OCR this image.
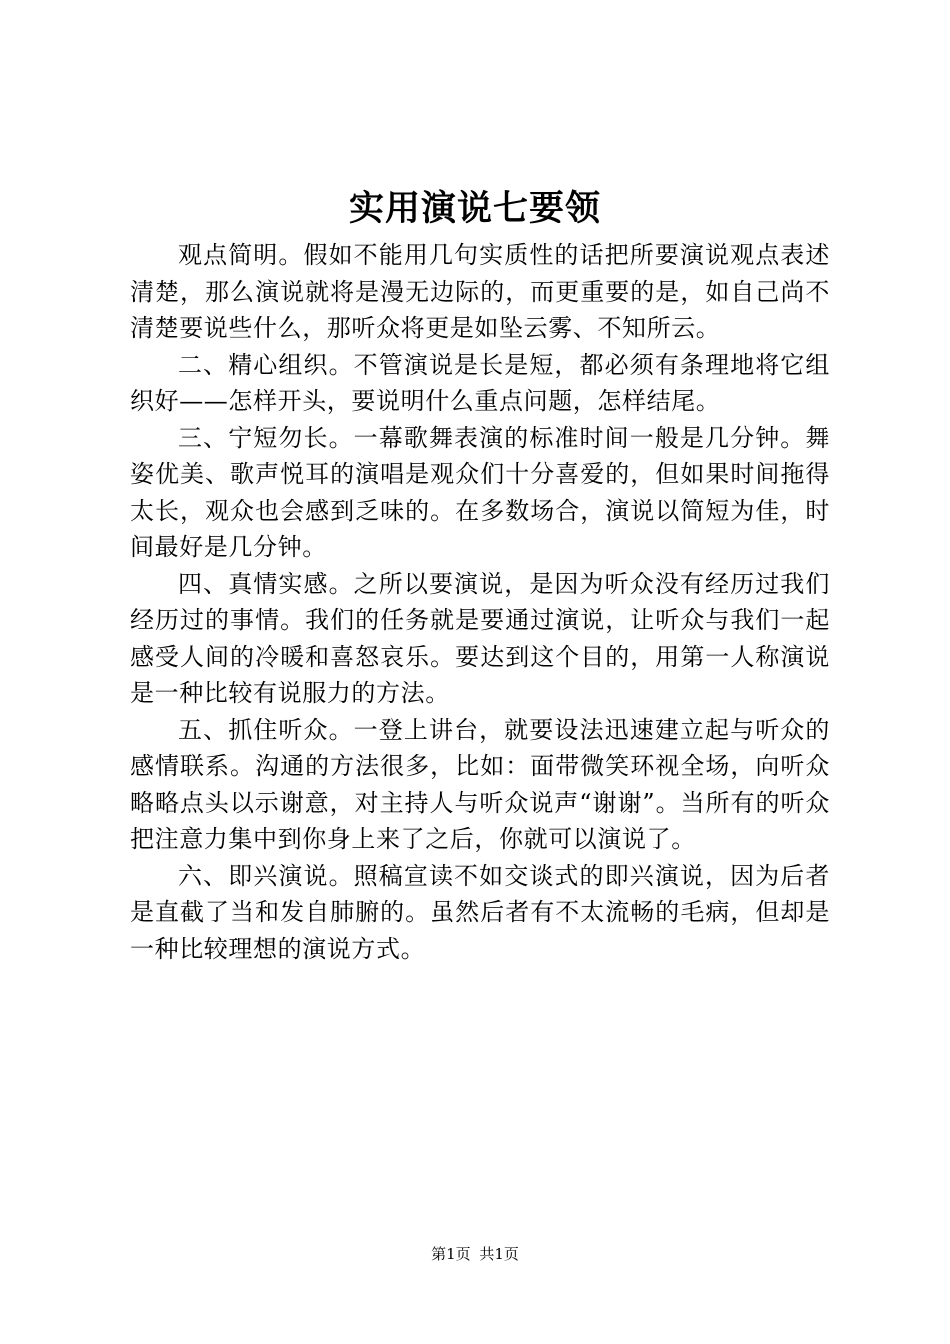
实用演说七要领

观点简明。假如不能用几句实质性的话把所要演说观点表述清楚，那么演说就将是漫无边际的，而更重要的是，如自己尚不清楚要说些什么，那听众将更是如坠云雾、不知所云。

二、精心组织。不管演说是长是短，都必须有条理地将它组织好——怎样开头，要说明什么重点问题，怎样结尾。

三、宁短勿长。一幕歌舞表演的标准时间一般是几分钟。舞姿优美、歌声悦耳的演唱是观众们十分喜爱的，但如果时间拖得太长，观众也会感到乏味的。在多数场合，演说以简短为佳，时间最好是几分钟。

四、真情实感。之所以要演说，是因为听众没有经历过我们经历过的事情。我们的任务就是要通过演说，让听众与我们一起感受人间的冷暖和喜怒哀乐。要达到这个目的，用第一人称演说是一种比较有说服力的方法。

五、抓住听众。一登上讲台，就要设法迅速建立起与听众的感情联系。沟通的方法很多，比如：面带微笑环视全场，向听众略略点头以示谢意，对主持人与听众说声“谢谢”。当所有的听众把注意力集中到你身上来了之后，你就可以演说了。

六、即兴演说。照稿宣读不如交谈式的即兴演说，因为后者是直截了当和发自肺腑的。虽然后者有不太流畅的毛病，但却是一种比较理想的演说方式。

第1页 共1页
